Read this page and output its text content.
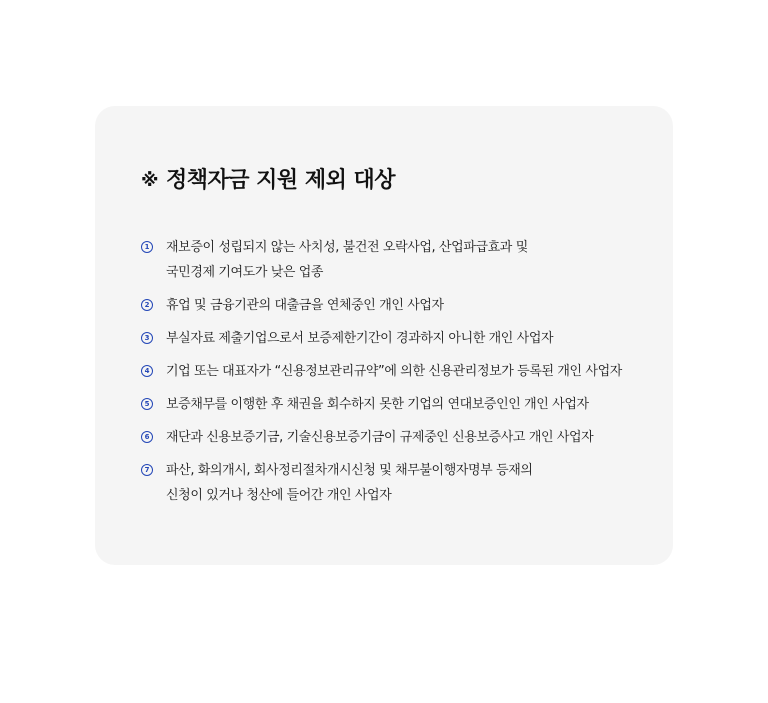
※ 정책자금 지원 제외 대상
1 재보증이 성립되지 않는 사치성, 불건전 오락사업, 산업파급효과 및
국민경제 기여도가 낮은 업종
2 휴업 및 금융기관의 대출금을 연체중인 개인 사업자
3 부실자료 제출기업으로서 보증제한기간이 경과하지 아니한 개인 사업자
4 기업 또는 대표자가 “신용정보관리규약”에 의한 신용관리정보가 등록된 개인 사업자
5 보증채무를 이행한 후 채권을 회수하지 못한 기업의 연대보증인인 개인 사업자
6 재단과 신용보증기금, 기술신용보증기금이 규제중인 신용보증사고 개인 사업자
7 파산, 화의개시, 회사정리절차개시신청 및 채무불이행자명부 등재의
신청이 있거나 청산에 들어간 개인 사업자
